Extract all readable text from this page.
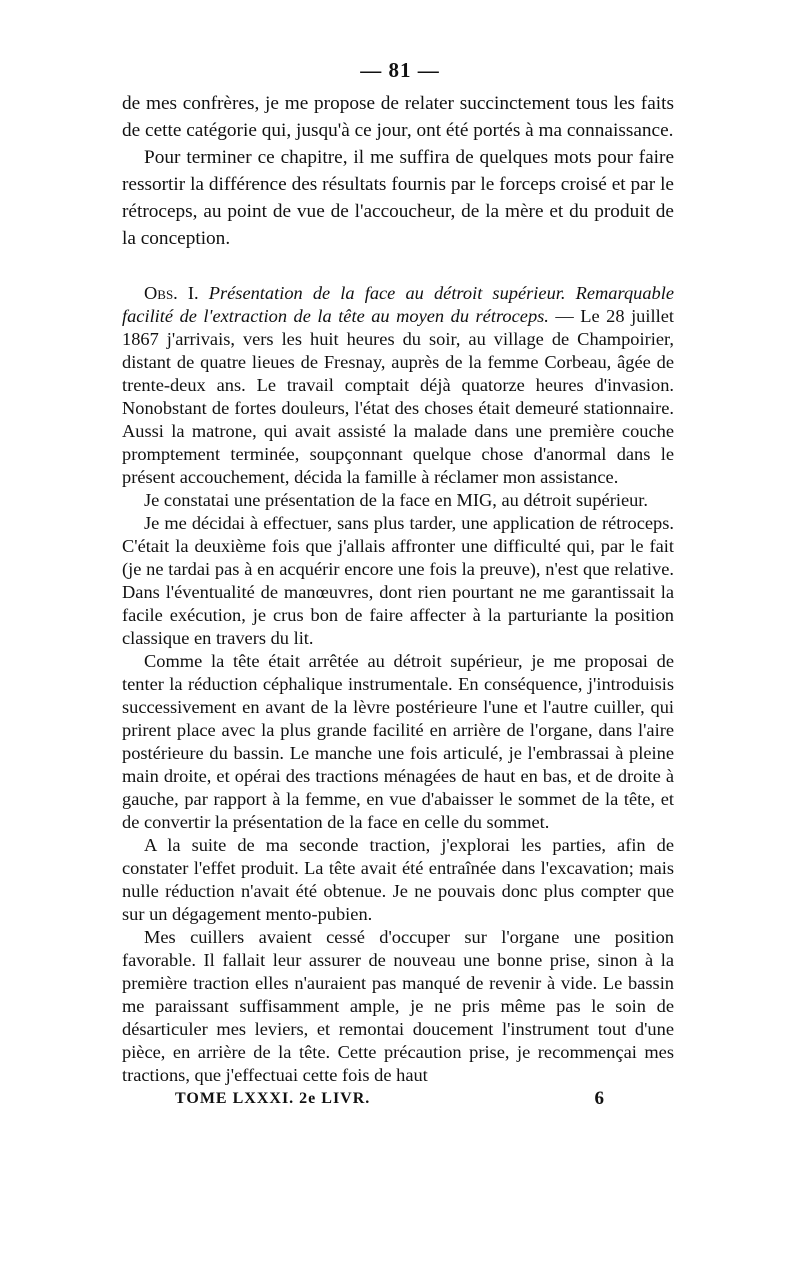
— 81 —

de mes confrères, je me propose de relater succinctement tous les faits de cette catégorie qui, jusqu'à ce jour, ont été portés à ma connaissance.

Pour terminer ce chapitre, il me suffira de quelques mots pour faire ressortir la différence des résultats fournis par le forceps croisé et par le rétroceps, au point de vue de l'accoucheur, de la mère et du produit de la conception.

Obs. I. Présentation de la face au détroit supérieur. Remarquable facilité de l'extraction de la tête au moyen du rétroceps. — Le 28 juillet 1867 j'arrivais, vers les huit heures du soir, au village de Champoirier, distant de quatre lieues de Fresnay, auprès de la femme Corbeau, âgée de trente-deux ans. Le travail comptait déjà quatorze heures d'invasion. Nonobstant de fortes douleurs, l'état des choses était demeuré stationnaire. Aussi la matrone, qui avait assisté la malade dans une première couche promptement terminée, soupçonnant quelque chose d'anormal dans le présent accouchement, décida la famille à réclamer mon assistance.

Je constatai une présentation de la face en MIG, au détroit supérieur.

Je me décidai à effectuer, sans plus tarder, une application de rétroceps. C'était la deuxième fois que j'allais affronter une difficulté qui, par le fait (je ne tardai pas à en acquérir encore une fois la preuve), n'est que relative. Dans l'éventualité de manœuvres, dont rien pourtant ne me garantissait la facile exécution, je crus bon de faire affecter à la parturiante la position classique en travers du lit.

Comme la tête était arrêtée au détroit supérieur, je me proposai de tenter la réduction céphalique instrumentale. En conséquence, j'introduisis successivement en avant de la lèvre postérieure l'une et l'autre cuiller, qui prirent place avec la plus grande facilité en arrière de l'organe, dans l'aire postérieure du bassin. Le manche une fois articulé, je l'embrassai à pleine main droite, et opérai des tractions ménagées de haut en bas, et de droite à gauche, par rapport à la femme, en vue d'abaisser le sommet de la tête, et de convertir la présentation de la face en celle du sommet.

A la suite de ma seconde traction, j'explorai les parties, afin de constater l'effet produit. La tête avait été entraînée dans l'excavation; mais nulle réduction n'avait été obtenue. Je ne pouvais donc plus compter que sur un dégagement mento-pubien.

Mes cuillers avaient cessé d'occuper sur l'organe une position favorable. Il fallait leur assurer de nouveau une bonne prise, sinon à la première traction elles n'auraient pas manqué de revenir à vide. Le bassin me paraissant suffisamment ample, je ne pris même pas le soin de désarticuler mes leviers, et remontai doucement l'instrument tout d'une pièce, en arrière de la tête. Cette précaution prise, je recommençai mes tractions, que j'effectuai cette fois de haut

TOME LXXXI. 2e LIVR.	6
